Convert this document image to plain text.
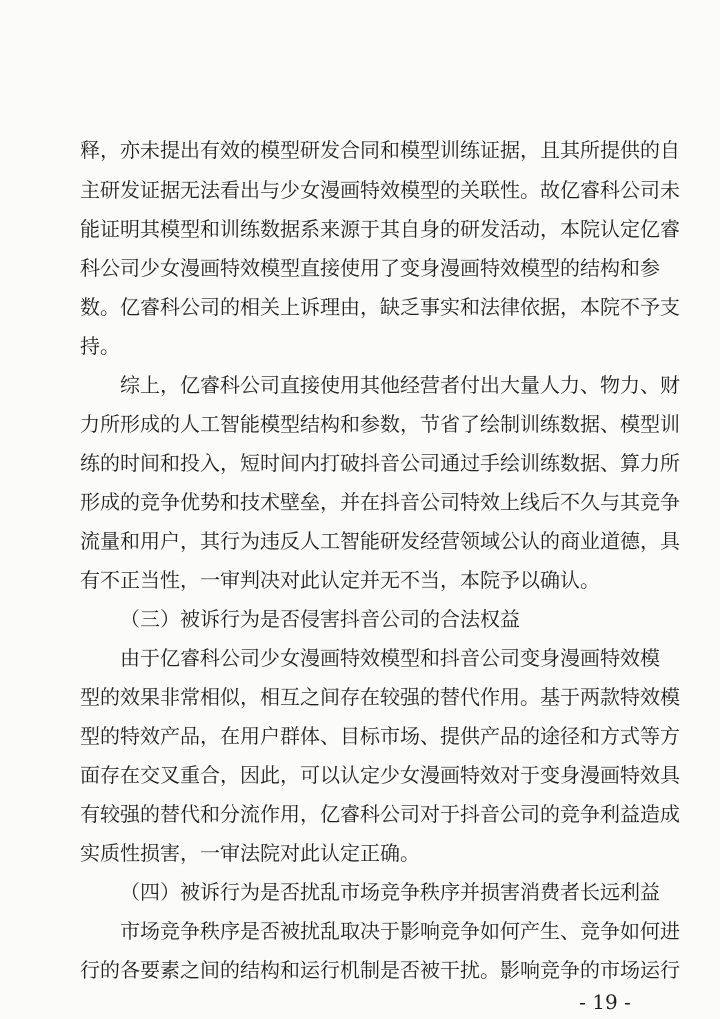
释，亦未提出有效的模型研发合同和模型训练证据，且其所提供的自
主研发证据无法看出与少女漫画特效模型的关联性。故亿睿科公司未
能证明其模型和训练数据系来源于其自身的研发活动，本院认定亿睿
科公司少女漫画特效模型直接使用了变身漫画特效模型的结构和参
数。亿睿科公司的相关上诉理由，缺乏事实和法律依据，本院不予支
持。
综上，亿睿科公司直接使用其他经营者付出大量人力、物力、财
力所形成的人工智能模型结构和参数，节省了绘制训练数据、模型训
练的时间和投入，短时间内打破抖音公司通过手绘训练数据、算力所
形成的竞争优势和技术壁垒，并在抖音公司特效上线后不久与其竞争
流量和用户，其行为违反人工智能研发经营领域公认的商业道德，具
有不正当性，一审判决对此认定并无不当，本院予以确认。
（三）被诉行为是否侵害抖音公司的合法权益
由于亿睿科公司少女漫画特效模型和抖音公司变身漫画特效模
型的效果非常相似，相互之间存在较强的替代作用。基于两款特效模
型的特效产品，在用户群体、目标市场、提供产品的途径和方式等方
面存在交叉重合，因此，可以认定少女漫画特效对于变身漫画特效具
有较强的替代和分流作用，亿睿科公司对于抖音公司的竞争利益造成
实质性损害，一审法院对此认定正确。
（四）被诉行为是否扰乱市场竞争秩序并损害消费者长远利益
市场竞争秩序是否被扰乱取决于影响竞争如何产生、竞争如何进
行的各要素之间的结构和运行机制是否被干扰。影响竞争的市场运行
- 19 -
